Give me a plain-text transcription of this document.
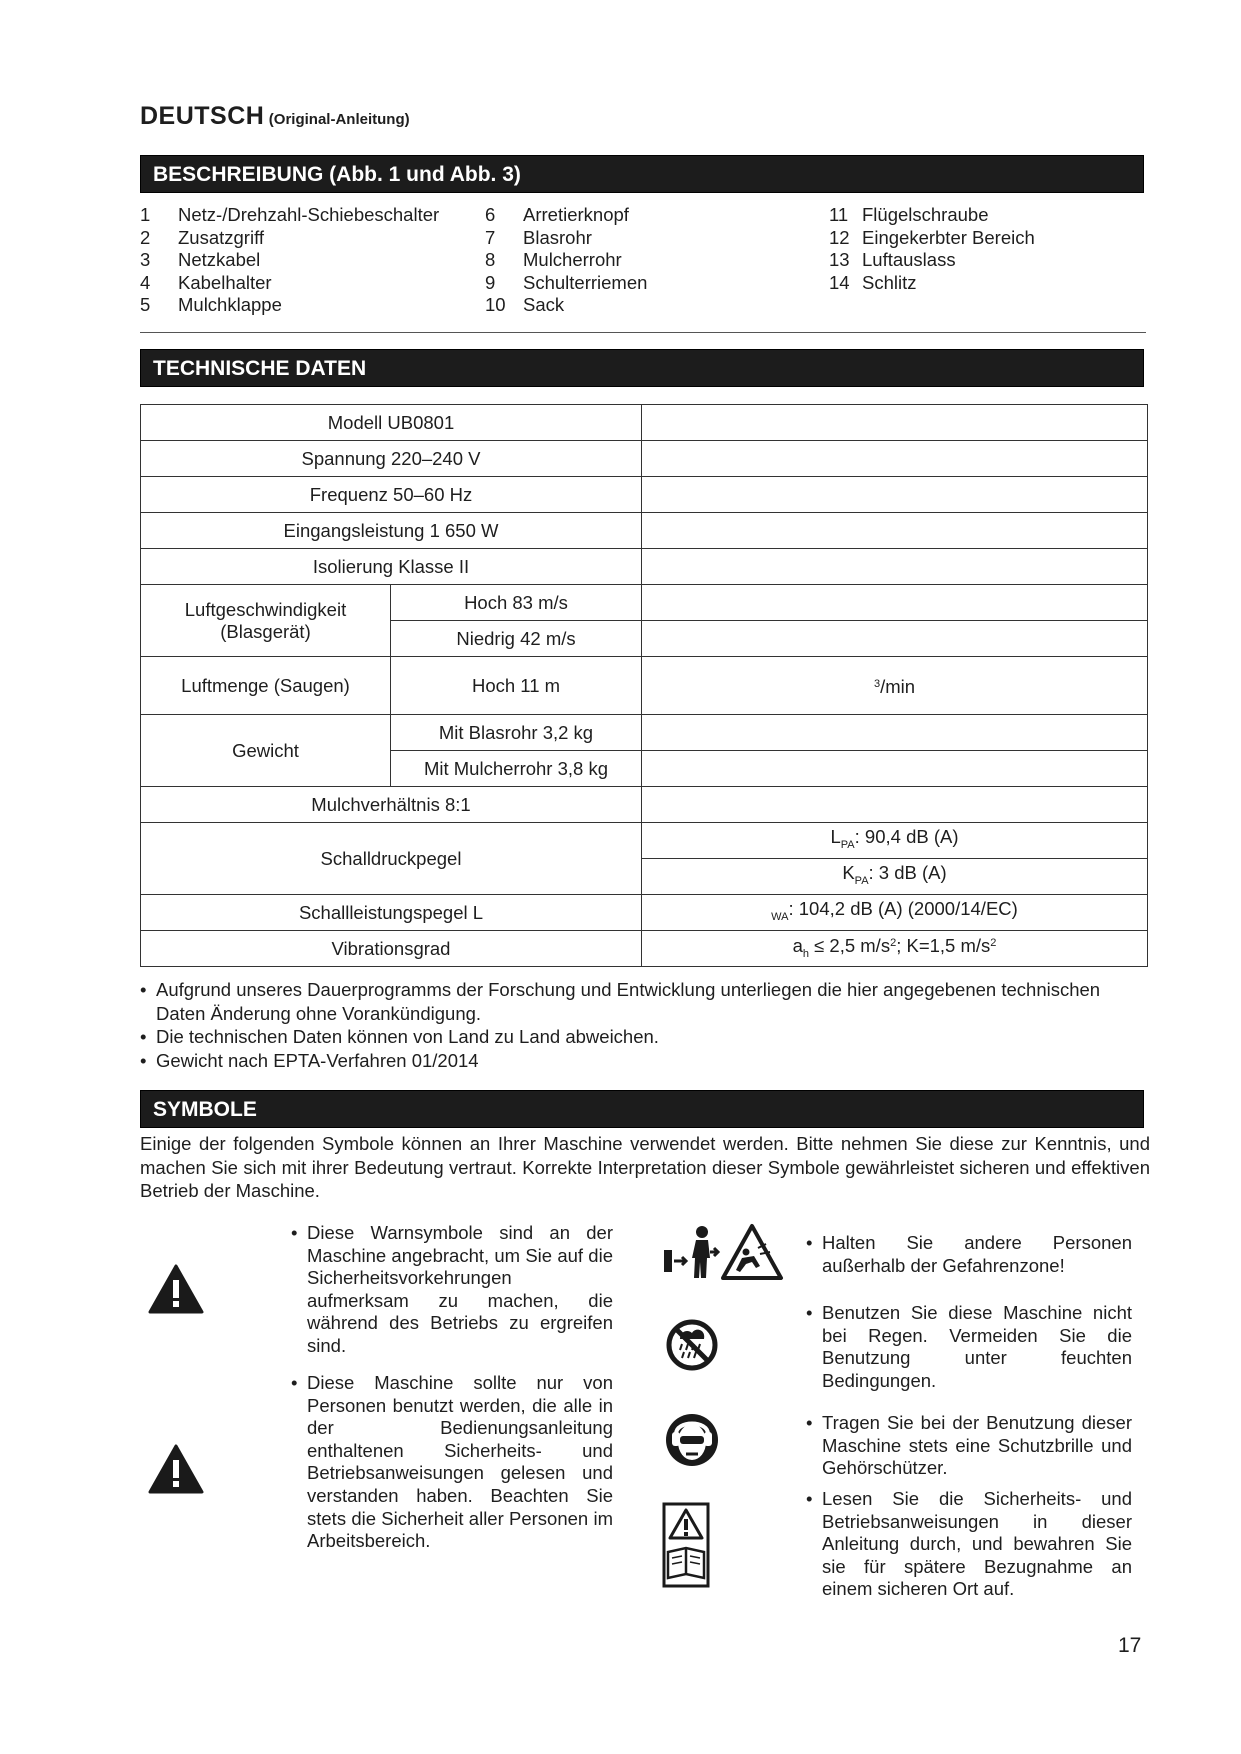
DEUTSCH (Original-Anleitung)
BESCHREIBUNG (Abb. 1 und Abb. 3)
1	Netz-/Drehzahl-Schiebeschalter
2	Zusatzgriff
3	Netzkabel
4	Kabelhalter
5	Mulchklappe
6	Arretierknopf
7	Blasrohr
8	Mulcherrohr
9	Schulterriemen
10 Sack
11 Flügelschraube
12 Eingekerbter Bereich
13 Luftauslass
14 Schlitz
TECHNISCHE DATEN
Modell UB0801		
Spannung 220–240 V		
Frequenz 50–60 Hz		
Eingangsleistung 1 650 W		
Isolierung Klasse II		
Luftgeschwindigkeit (Blasgerät)	Hoch 83 m/s	
	Niedrig 42 m/s	
Luftmenge (Saugen)	Hoch 11 m	$^3$/min
Gewicht	Mit Blasrohr 3,2 kg	
	Mit Mulcherrohr 3,8 kg	
Mulchverhältnis 8:1		
Schalldruckpegel		$L_{PA}$: 90,4 dB (A)
		$K_{PA}$: 3 dB (A)
Schallleistungspegel L		$_{WA}$: 104,2 dB (A) (2000/14/EC)
Vibrationsgrad		$a_h \le 2,5$ $m/s^2$; K=1,5 $m/s^2$
• Aufgrund unseres Dauerprogramms der Forschung und Entwicklung unterliegen die hier angegebenen technischen Daten Änderung ohne Vorankündigung.
• Die technischen Daten können von Land zu Land abweichen.
• Gewicht nach EPTA-Verfahren 01/2014
SYMBOLE
Einige der folgenden Symbole können an Ihrer Maschine verwendet werden. Bitte nehmen Sie diese zur Kenntnis, und machen Sie sich mit ihrer Bedeutung vertraut. Korrekte Interpretation dieser Symbole gewährleistet sicheren und effektiven Betrieb der Maschine.
• Diese Warnsymbole sind an der Maschine angebracht, um Sie auf die Sicherheitsvorkehrungen aufmerksam zu machen, die während des Betriebs zu ergreifen sind.
• Diese Maschine sollte nur von Personen benutzt werden, die alle in der Bedienungsanleitung enthaltenen Sicherheits- und Betriebsanweisungen gelesen und verstanden haben. Beachten Sie stets die Sicherheit aller Personen im Arbeitsbereich.
• Halten Sie andere Personen außerhalb der Gefahrenzone!
• Benutzen Sie diese Maschine nicht bei Regen. Vermeiden Sie die Benutzung unter feuchten Bedingungen.
• Tragen Sie bei der Benutzung dieser Maschine stets eine Schutzbrille und Gehörschützer.
• Lesen Sie die Sicherheits- und Betriebsanweisungen in dieser Anleitung durch, und bewahren Sie sie für spätere Bezugnahme an einem sicheren Ort auf.
17
